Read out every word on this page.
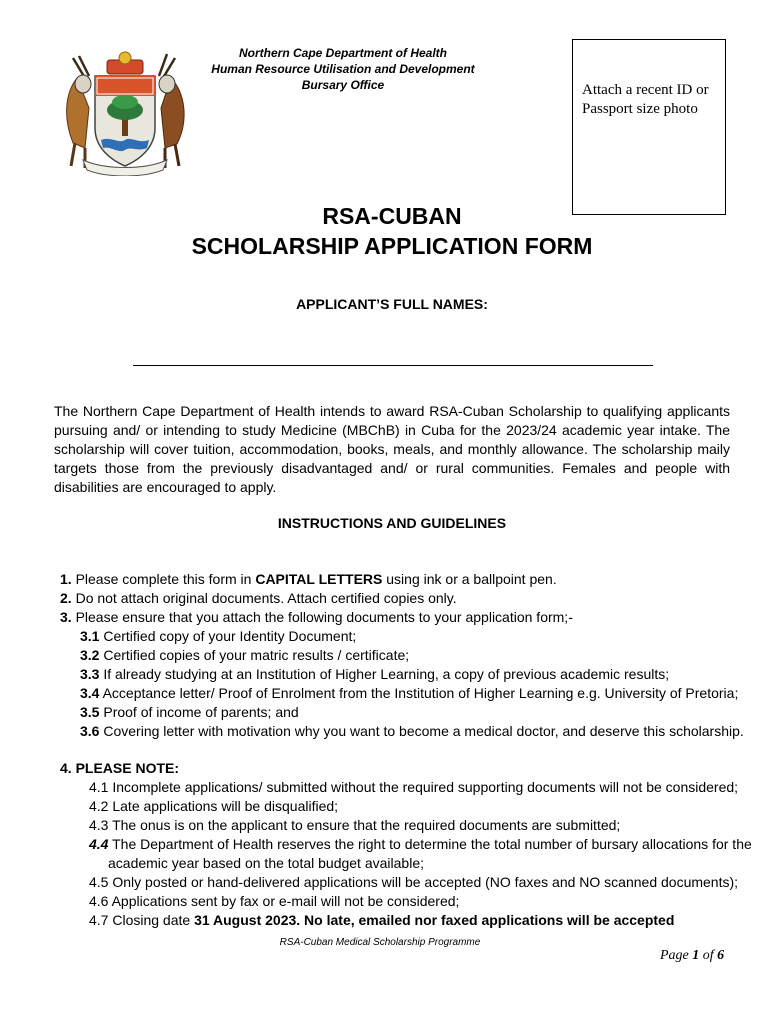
Northern Cape Department of Health
Human Resource Utilisation and Development
Bursary Office	Attach a recent ID or Passport size photo
RSA-CUBAN
SCHOLARSHIP APPLICATION FORM
APPLICANT’S FULL NAMES:
The Northern Cape Department of Health intends to award RSA-Cuban Scholarship to qualifying applicants pursuing and/ or intending to study Medicine (MBChB) in Cuba for the 2023/24 academic year intake. The scholarship will cover tuition, accommodation, books, meals, and monthly allowance. The scholarship maily targets those from the previously disadvantaged and/ or rural communities. Females and people with disabilities are encouraged to apply.
INSTRUCTIONS AND GUIDELINES
1. Please complete this form in CAPITAL LETTERS using ink or a ballpoint pen.
2. Do not attach original documents. Attach certified copies only.
3. Please ensure that you attach the following documents to your application form;-
3.1 Certified copy of your Identity Document;
3.2 Certified copies of your matric results / certificate;
3.3 If already studying at an Institution of Higher Learning, a copy of previous academic results;
3.4 Acceptance letter/ Proof of Enrolment from the Institution of Higher Learning e.g. University of Pretoria;
3.5 Proof of income of parents; and
3.6 Covering letter with motivation why you want to become a medical doctor, and deserve this scholarship.
4. PLEASE NOTE:
4.1 Incomplete applications/ submitted without the required supporting documents will not be considered;
4.2 Late applications will be disqualified;
4.3 The onus is on the applicant to ensure that the required documents are submitted;
4.4 The Department of Health reserves the right to determine the total number of bursary allocations for the
academic year based on the total budget available;
4.5 Only posted or hand-delivered applications will be accepted (NO faxes and NO scanned documents);
4.6 Applications sent by fax or e-mail will not be considered;
4.7 Closing date 31 August 2023. No late, emailed nor faxed applications will be accepted
RSA-Cuban Medical Scholarship Programme
Page 1 of 6
